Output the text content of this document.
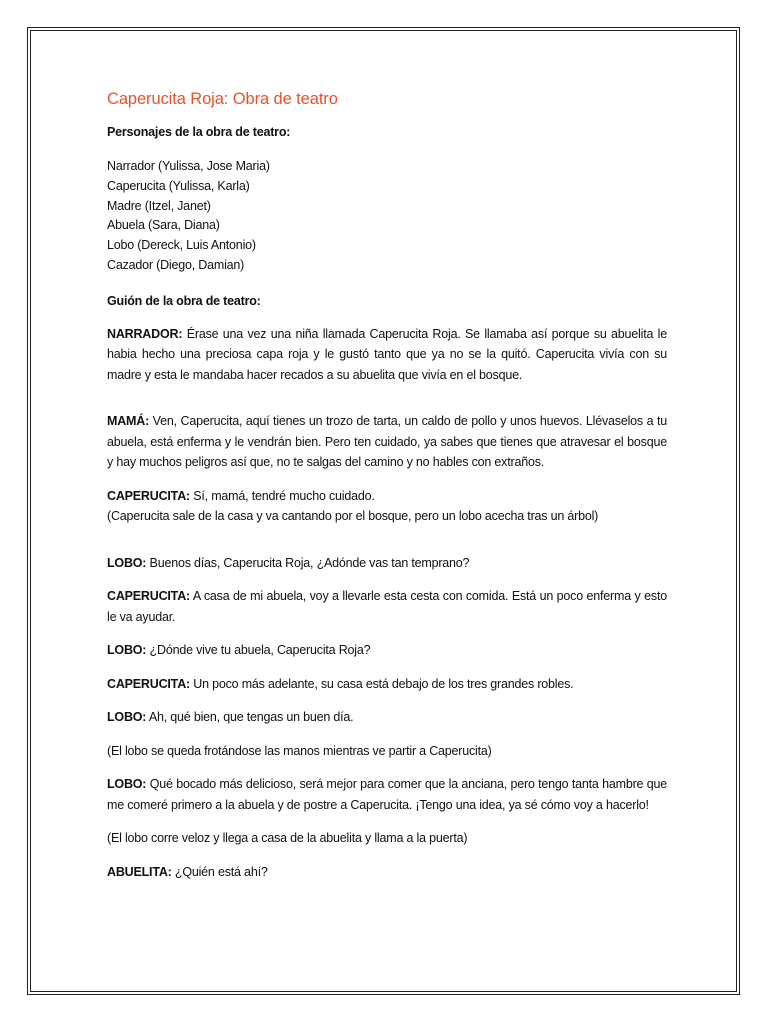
Caperucita Roja: Obra de teatro

Personajes de la obra de teatro:

Narrador (Yulissa, Jose Maria)
Caperucita (Yulissa, Karla)
Madre (Itzel, Janet)
Abuela (Sara, Diana)
Lobo (Dereck, Luis Antonio)
Cazador (Diego, Damian)

Guión de la obra de teatro:

NARRADOR: Érase una vez una niña llamada Caperucita Roja. Se llamaba así porque su abuelita le habia hecho una preciosa capa roja y le gustó tanto que ya no se la quitó. Caperucita vivía con su madre y esta le mandaba hacer recados a su abuelita que vivía en el bosque.

MAMÁ: Ven, Caperucita, aquí tienes un trozo de tarta, un caldo de pollo y unos huevos. Llévaselos a tu abuela, está enferma y le vendrán bien. Pero ten cuidado, ya sabes que tienes que atravesar el bosque y hay muchos peligros así que, no te salgas del camino y no hables con extraños.

CAPERUCITA: Sí, mamá, tendré mucho cuidado.
(Caperucita sale de la casa y va cantando por el bosque, pero un lobo acecha tras un árbol)

LOBO: Buenos días, Caperucita Roja, ¿Adónde vas tan temprano?

CAPERUCITA: A casa de mi abuela, voy a llevarle esta cesta con comida. Está un poco enferma y esto le va ayudar.

LOBO: ¿Dónde vive tu abuela, Caperucita Roja?

CAPERUCITA: Un poco más adelante, su casa está debajo de los tres grandes robles.

LOBO: Ah, qué bien, que tengas un buen día.

(El lobo se queda frotándose las manos mientras ve partir a Caperucita)

LOBO: Qué bocado más delicioso, será mejor para comer que la anciana, pero tengo tanta hambre que me comeré primero a la abuela y de postre a Caperucita. ¡Tengo una idea, ya sé cómo voy a hacerlo!

(El lobo corre veloz y llega a casa de la abuelita y llama a la puerta)

ABUELITA: ¿Quién está ahí?
